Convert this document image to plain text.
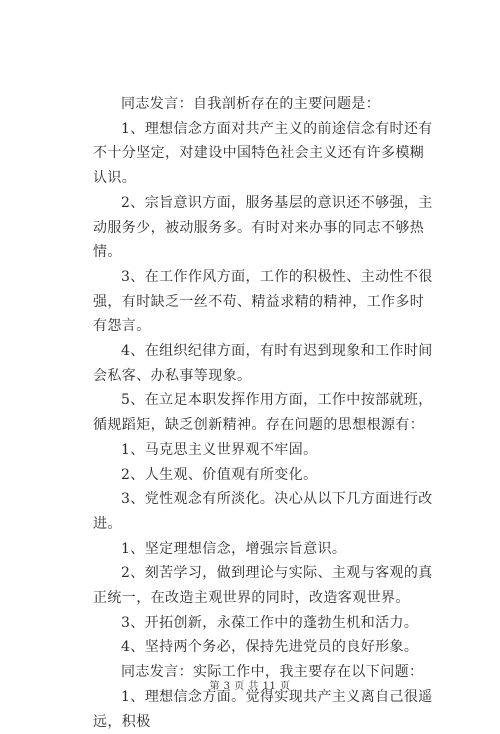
同志发言：自我剖析存在的主要问题是：

1、理想信念方面对共产主义的前途信念有时还有不十分坚定，对建设中国特色社会主义还有许多模糊认识。

2、宗旨意识方面，服务基层的意识还不够强，主动服务少，被动服务多。有时对来办事的同志不够热情。

3、在工作作风方面，工作的积极性、主动性不很强，有时缺乏一丝不苟、精益求精的精神，工作多时有怨言。

4、在组织纪律方面，有时有迟到现象和工作时间会私客、办私事等现象。

5、在立足本职发挥作用方面，工作中按部就班，循规蹈矩，缺乏创新精神。存在问题的思想根源有：

1、马克思主义世界观不牢固。

2、人生观、价值观有所变化。

3、党性观念有所淡化。决心从以下几方面进行改进。

1、坚定理想信念，增强宗旨意识。

2、刻苦学习，做到理论与实际、主观与客观的真正统一，在改造主观世界的同时，改造客观世界。

3、开拓创新，永葆工作中的蓬勃生机和活力。

4、坚持两个务必，保持先进党员的良好形象。

同志发言：实际工作中，我主要存在以下问题：

1、理想信念方面。觉得实现共产主义离自己很遥远，积极

第 3 页 共 11 页
